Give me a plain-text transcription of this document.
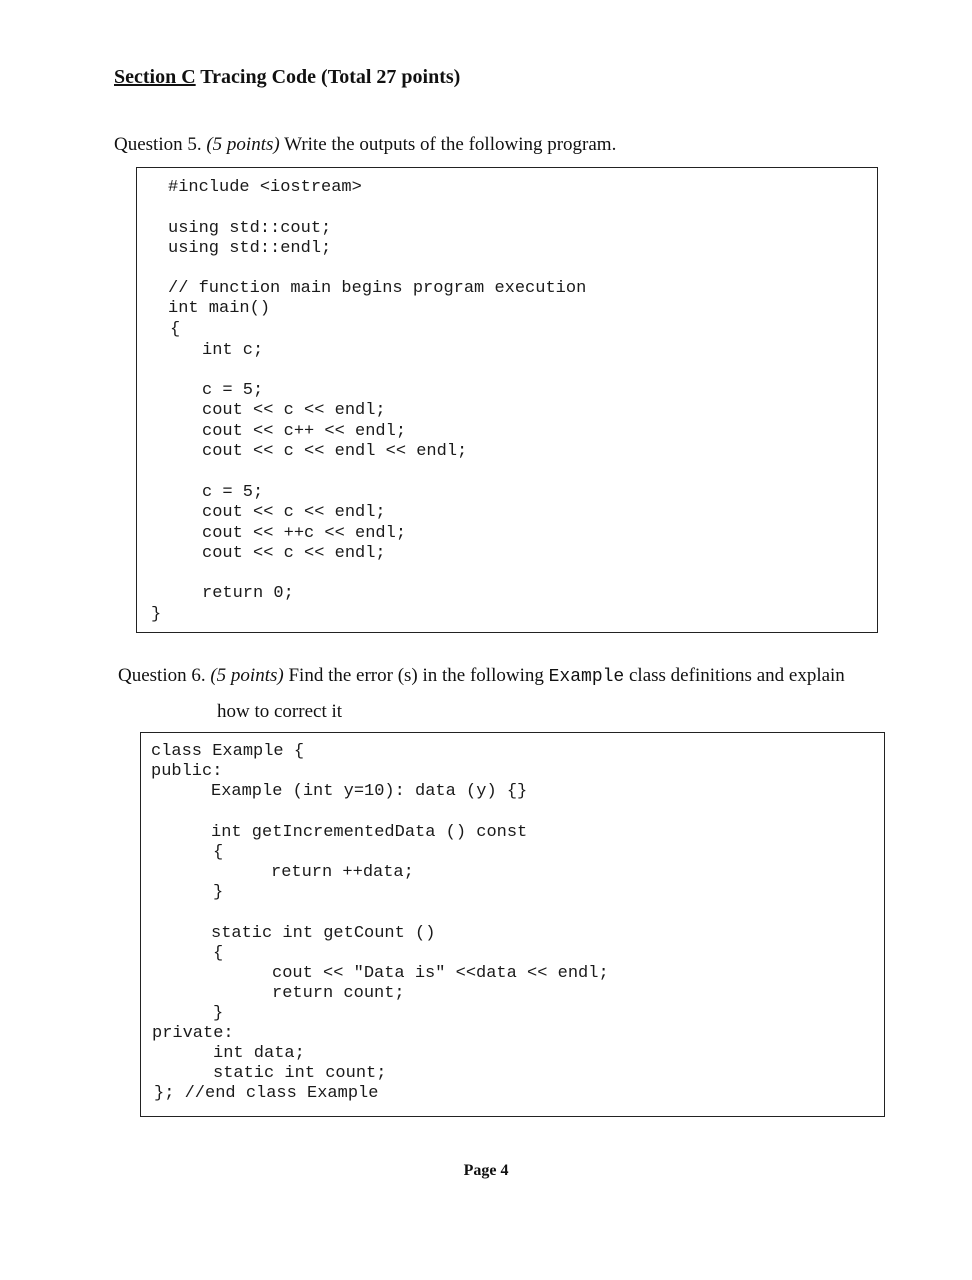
Section C Tracing Code (Total 27 points)
Question 5. (5 points) Write the outputs of the following program.

#include <iostream>

using std::cout;

using std::endl;

// function main begins program execution

int main()

{

int c;

c = 5;

cout << c << endl;

cout << c++ << endl;

cout << c << endl << endl;

c = 5;

cout << c << endl;

cout << ++c << endl;

cout << c << endl;

return 0;

}

Question 6. (5 points) Find the error (s) in the following Example class definitions and explain
how to correct it

class Example {

public:

Example (int y=10): data (y) {}

int getIncrementedData () const

{

return ++data;

}

static int getCount ()

{

cout << "Data is" <<data << endl;

return count;

}

private:

int data;

static int count;

}; //end class Example

Page 4
